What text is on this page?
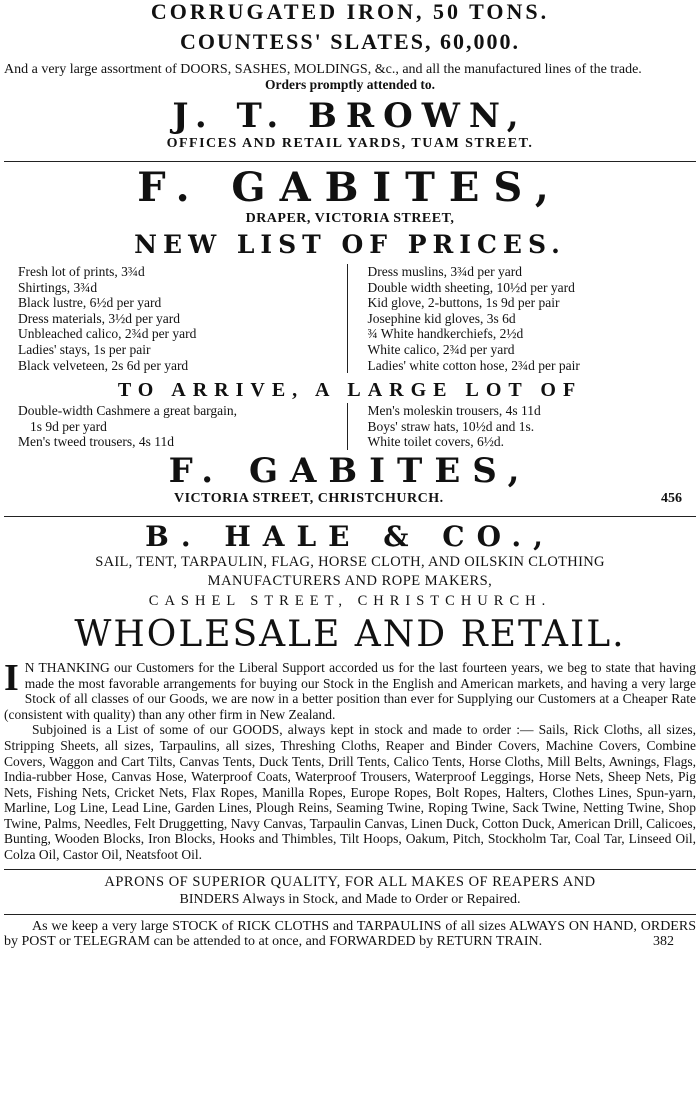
CORRUGATED IRON, 50 TONS.
COUNTESS' SLATES, 60,000.

And a very large assortment of DOORS, SASHES, MOLDINGS, &c., and all the manufactured lines of the trade.

Orders promptly attended to.
J. T. BROWN,
OFFICES AND RETAIL YARDS, TUAM STREET.
F. GABITES,
DRAPER, VICTORIA STREET,
NEW LIST OF PRICES.
Fresh lot of prints, 3¾d
Shirtings, 3¾d
Black lustre, 6½d per yard
Dress materials, 3½d per yard
Unbleached calico, 2¾d per yard
Ladies' stays, 1s per pair
Black velveteen, 2s 6d per yard
Dress muslins, 3¾d per yard
Double width sheeting, 10½d per yard
Kid glove, 2-buttons, 1s 9d per pair
Josephine kid gloves, 3s 6d
¾ White handkerchiefs, 2½d
White calico, 2¾d per yard
Ladies' white cotton hose, 2¾d per pair
TO ARRIVE, A LARGE LOT OF
Double-width Cashmere a great bargain,
1s 9d per yard
Men's tweed trousers, 4s 11d
Men's moleskin trousers, 4s 11d
Boys' straw hats, 10½d and 1s.
White toilet covers, 6½d.
F. GABITES,
VICTORIA STREET, CHRISTCHURCH.	456
B. HALE & CO.,
SAIL, TENT, TARPAULIN, FLAG, HORSE CLOTH, AND OILSKIN CLOTHING
MANUFACTURERS AND ROPE MAKERS,
CASHEL STREET, CHRISTCHURCH.
WHOLESALE AND RETAIL.
I N THANKING our Customers for the Liberal Support accorded us for the last fourteen years, we beg to state that having made the most favorable arrangements for buying our Stock in the English and American markets, and having a very large Stock of all classes of our Goods, we are now in a better position than ever for Supplying our Customers at a Cheaper Rate (consistent with quality) than any other firm in New Zealand.

Subjoined is a List of some of our GOODS, always kept in stock and made to order :— Sails, Rick Cloths, all sizes, Stripping Sheets, all sizes, Tarpaulins, all sizes, Threshing Cloths, Reaper and Binder Covers, Machine Covers, Combine Covers, Waggon and Cart Tilts, Canvas Tents, Duck Tents, Drill Tents, Calico Tents, Horse Cloths, Mill Belts, Awnings, Flags, India-rubber Hose, Canvas Hose, Waterproof Coats, Waterproof Trousers, Waterproof Leggings, Horse Nets, Sheep Nets, Pig Nets, Fishing Nets, Cricket Nets, Flax Ropes, Manilla Ropes, Europe Ropes, Bolt Ropes, Halters, Clothes Lines, Spun-yarn, Marline, Log Line, Lead Line, Garden Lines, Plough Reins, Seaming Twine, Roping Twine, Sack Twine, Netting Twine, Shop Twine, Palms, Needles, Felt Druggetting, Navy Canvas, Tarpaulin Canvas, Linen Duck, Cotton Duck, American Drill, Calicoes, Bunting, Wooden Blocks, Iron Blocks, Hooks and Thimbles, Tilt Hoops, Oakum, Pitch, Stockholm Tar, Coal Tar, Linseed Oil, Colza Oil, Castor Oil, Neatsfoot Oil.

APRONS OF SUPERIOR QUALITY, FOR ALL MAKES OF REAPERS AND
BINDERS Always in Stock, and Made to Order or Repaired.

As we keep a very large STOCK of RICK CLOTHS and TARPAULINS of all sizes ALWAYS ON HAND, ORDERS by POST or TELEGRAM can be attended to at once, and FORWARDED by RETURN TRAIN.	382
